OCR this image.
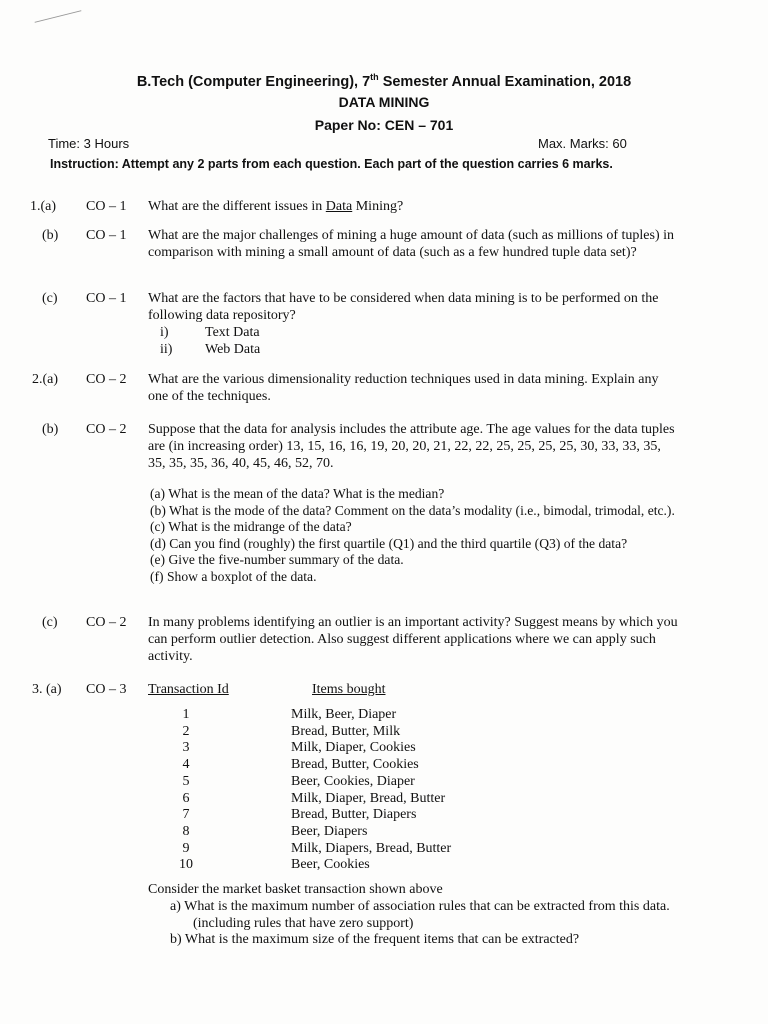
B.Tech (Computer Engineering), 7th Semester Annual Examination, 2018
DATA MINING
Paper No: CEN – 701
Time: 3 Hours	Max. Marks: 60
Instruction: Attempt any 2 parts from each question. Each part of the question carries 6 marks.
1.(a)	CO – 1	What are the different issues in Data Mining?
(b)	CO – 1	What are the major challenges of mining a huge amount of data (such as millions of tuples) in comparison with mining a small amount of data (such as a few hundred tuple data set)?
(c)	CO – 1	What are the factors that have to be considered when data mining is to be performed on the following data repository?
i)	Text Data
ii) Web Data
2.(a)	CO – 2	What are the various dimensionality reduction techniques used in data mining. Explain any one of the techniques.
(b)	CO – 2	Suppose that the data for analysis includes the attribute age. The age values for the data tuples are (in increasing order) 13, 15, 16, 16, 19, 20, 20, 21, 22, 22, 25, 25, 25, 25, 30, 33, 33, 35, 35, 35, 35, 36, 40, 45, 46, 52, 70.
(a) What is the mean of the data? What is the median?
(b) What is the mode of the data? Comment on the data’s modality (i.e., bimodal, trimodal, etc.).
(c) What is the midrange of the data?
(d) Can you find (roughly) the first quartile (Q1) and the third quartile (Q3) of the data?
(e) Give the five-number summary of the data.
(f) Show a boxplot of the data.
(c)	CO – 2	In many problems identifying an outlier is an important activity? Suggest means by which you can perform outlier detection. Also suggest different applications where we can apply such activity.
3. (a)	CO – 3	Transaction Id	Items bought
1	Milk, Beer, Diaper
2	Bread, Butter, Milk
3	Milk, Diaper, Cookies
4	Bread, Butter, Cookies
5	Beer, Cookies, Diaper
6	Milk, Diaper, Bread, Butter
7	Bread, Butter, Diapers
8	Beer, Diapers
9	Milk, Diapers, Bread, Butter
10	Beer, Cookies
Consider the market basket transaction shown above
a) What is the maximum number of association rules that can be extracted from this data.(including rules that have zero support)
b) What is the maximum size of the frequent items that can be extracted?
